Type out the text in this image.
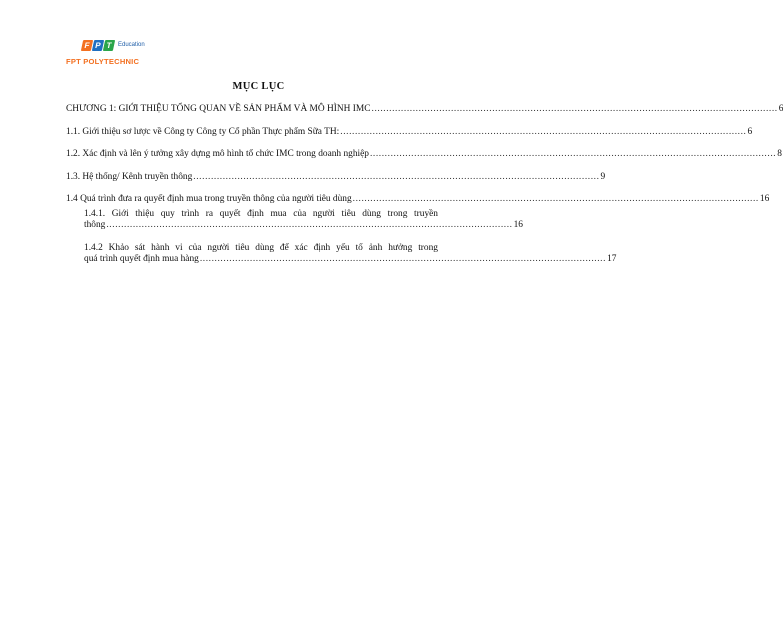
F P T Education
FPT POLYTECHNIC
MỤC LỤC
CHƯƠNG 1: GIỚI THIỆU TỔNG QUAN VỀ SẢN PHẨM VÀ MÔ HÌNH IMC .......................................................................................................................................... 6
1.1. Giới thiệu sơ lược về Công ty Công ty Cổ phần Thực phẩm Sữa TH: .......................................................................................................................................... 6
1.2. Xác định và lên ý tưởng xây dựng mô hình tổ chức IMC trong doanh nghiệp .......................................................................................................................................... 8
1.3. Hệ thống/ Kênh truyền thông .......................................................................................................................................... 9
1.4 Quá trình đưa ra quyết định mua trong truyền thông của người tiêu dùng .......................................................................................................................................... 16
1.4.1. Giới thiệu quy trình ra quyết định mua của người tiêu dùng trong truyền
thông .......................................................................................................................................... 16
1.4.2 Khảo sát hành vi của người tiêu dùng để xác định yếu tố ảnh hưởng trong
quá trình quyết định mua hàng .......................................................................................................................................... 17
